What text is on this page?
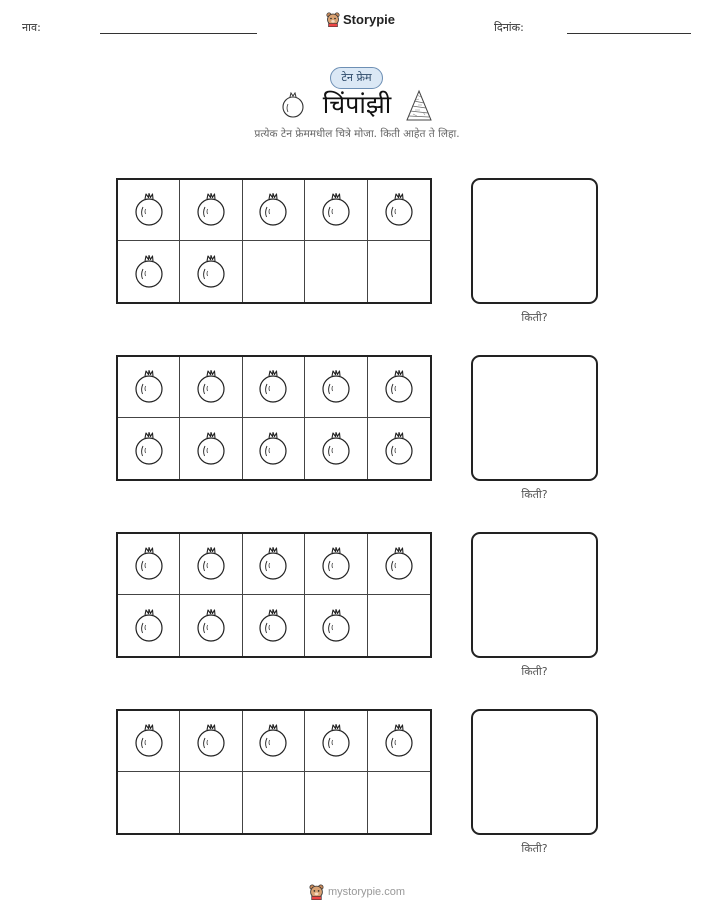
नाव:
Storypie
दिनांक:
टेन फ्रेम
चिंपांझी
प्रत्येक टेन फ्रेममधील चित्रे मोजा. किती आहेत ते लिहा.
किती?
किती?
किती?
किती?
mystorypie.com
